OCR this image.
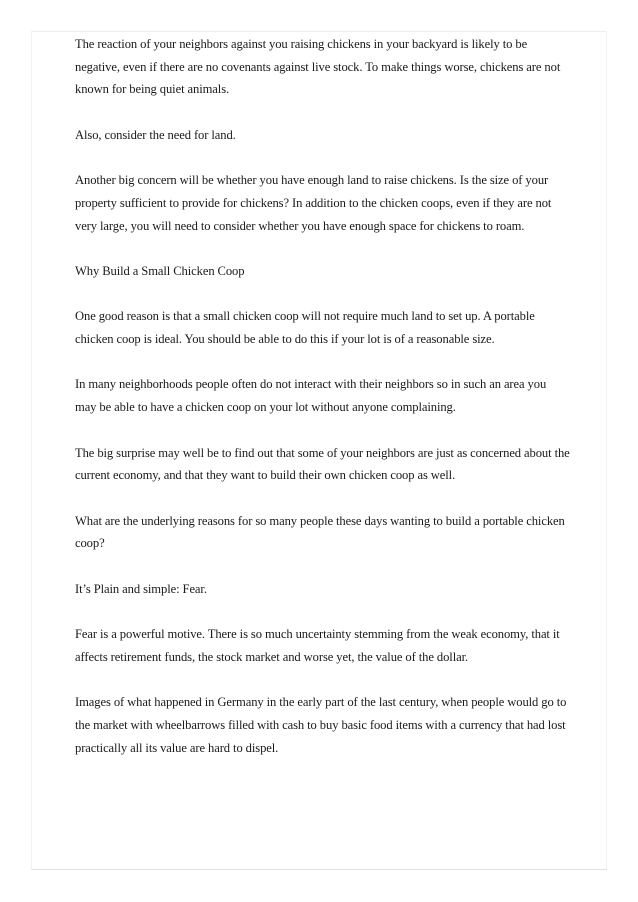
The reaction of your neighbors against you raising chickens in your backyard is likely to be negative, even if there are no covenants against live stock. To make things worse, chickens are not known for being quiet animals.

Also, consider the need for land.

Another big concern will be whether you have enough land to raise chickens. Is the size of your property sufficient to provide for chickens? In addition to the chicken coops, even if they are not very large, you will need to consider whether you have enough space for chickens to roam.

Why Build a Small Chicken Coop

One good reason is that a small chicken coop will not require much land to set up. A portable chicken coop is ideal. You should be able to do this if your lot is of a reasonable size.

In many neighborhoods people often do not interact with their neighbors so in such an area you may be able to have a chicken coop on your lot without anyone complaining.

The big surprise may well be to find out that some of your neighbors are just as concerned about the current economy, and that they want to build their own chicken coop as well.

What are the underlying reasons for so many people these days wanting to build a portable chicken coop?

It’s Plain and simple: Fear.

Fear is a powerful motive. There is so much uncertainty stemming from the weak economy, that it affects retirement funds, the stock market and worse yet, the value of the dollar.

Images of what happened in Germany in the early part of the last century, when people would go to the market with wheelbarrows filled with cash to buy basic food items with a currency that had lost practically all its value are hard to dispel.
